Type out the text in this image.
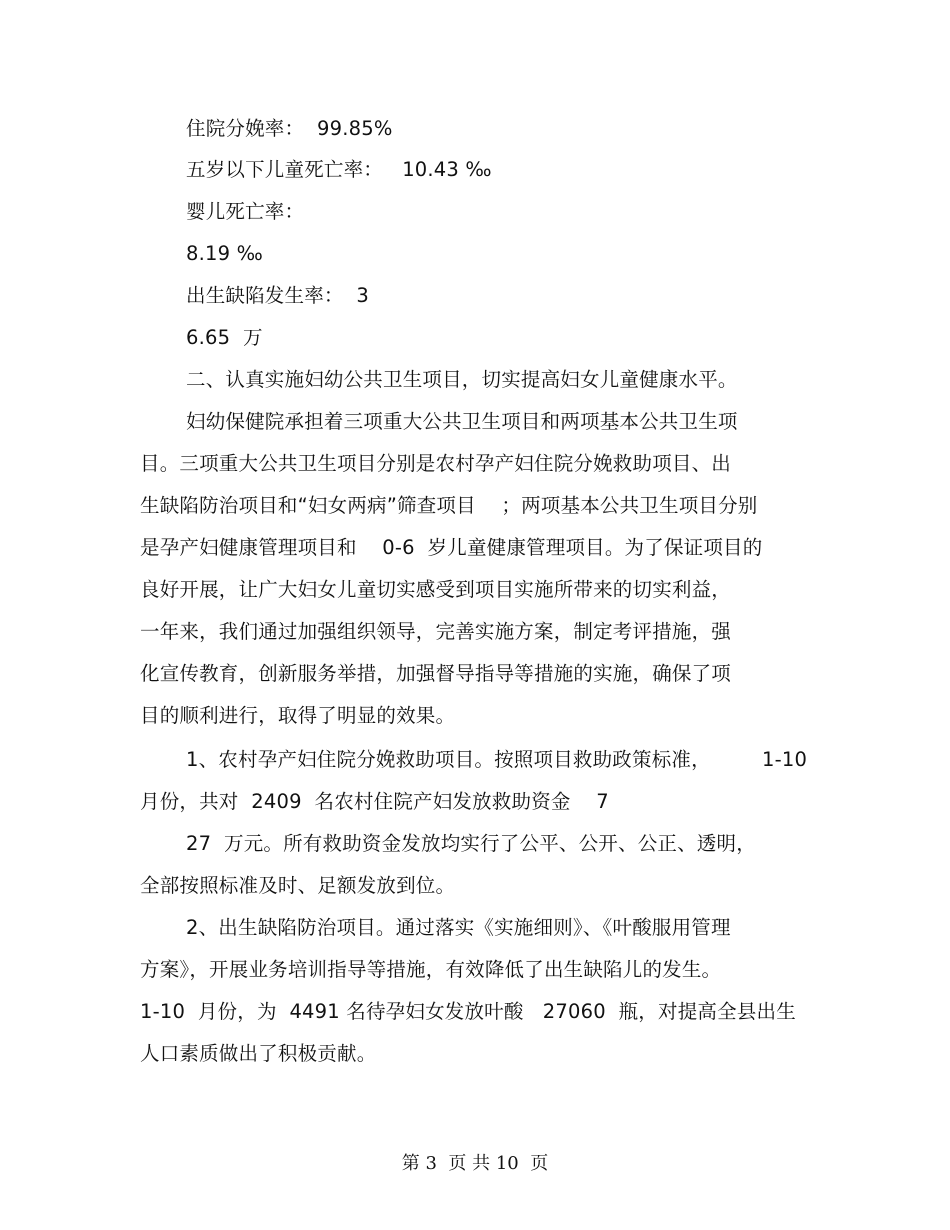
住院分娩率：  99.85%
五岁以下儿童死亡率：   10.43 ‰
婴儿死亡率：
8.19 ‰
出生缺陷发生率：  3
6.65  万
二、认真实施妇幼公共卫生项目，切实提高妇女儿童健康水平。
妇幼保健院承担着三项重大公共卫生项目和两项基本公共卫生项
目。三项重大公共卫生项目分别是农村孕产妇住院分娩救助项目、出
生缺陷防治项目和“妇女两病”筛查项目    ；两项基本公共卫生项目分别
是孕产妇健康管理项目和    0-6  岁儿童健康管理项目。为了保证项目的
良好开展，让广大妇女儿童切实感受到项目实施所带来的切实利益，
一年来，我们通过加强组织领导，完善实施方案，制定考评措施，强
化宣传教育，创新服务举措，加强督导指导等措施的实施，确保了项
目的顺利进行，取得了明显的效果。
1、农村孕产妇住院分娩救助项目。按照项目救助政策标准，        1-10
月份，共对  2409  名农村住院产妇发放救助资金    7
27  万元。所有救助资金发放均实行了公平、公开、公正、透明，
全部按照标准及时、足额发放到位。
2、出生缺陷防治项目。通过落实《实施细则》、《叶酸服用管理
方案》，开展业务培训指导等措施，有效降低了出生缺陷儿的发生。
1-10  月份，为  4491 名待孕妇女发放叶酸   27060  瓶，对提高全县出生
人口素质做出了积极贡献。
第 3  页 共 10  页
